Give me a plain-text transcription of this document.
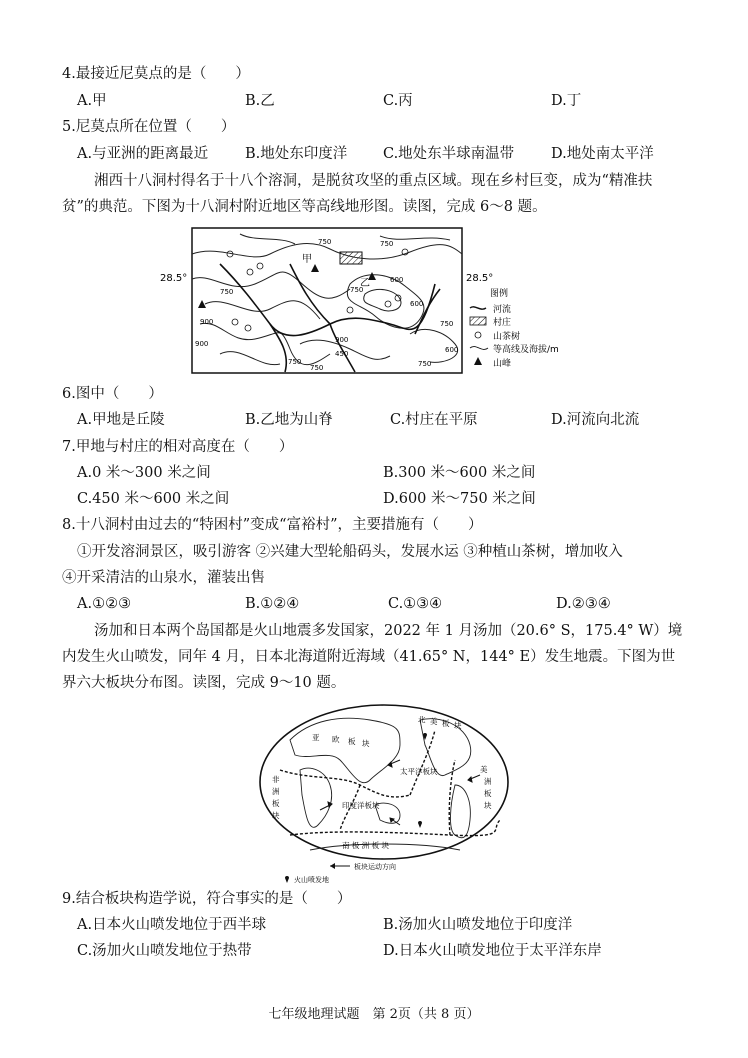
4.最接近尼莫点的是（　　）
A.甲	B.乙	C.丙	D.丁
5.尼莫点所在位置（　　）
A.与亚洲的距离最近	B.地处东印度洋 C.地处东半球南温带	D.地处南太平洋
湘西十八洞村得名于十八个溶洞，是脱贫攻坚的重点区域。现在乡村巨变，成为“精准扶
贫”的典范。下图为十八洞村附近地区等高线地形图。读图，完成 6～8 题。
28.5°	28.5°
甲
乙
750	750
900
600
750
900
750
600
900
450
750
750
750	750
600
图例
河流
村庄
山茶树
等高线及海拔/m
山峰
6.图中（　　）
A.甲地是丘陵	B.乙地为山脊	C.村庄在平原	D.河流向北流
7.甲地与村庄的相对高度在（　　）
A.0 米～300 米之间	B.300 米～600 米之间
C.450 米～600 米之间	D.600 米～750 米之间
8.十八洞村由过去的“特困村”变成“富裕村”，主要措施有（　　）
①开发溶洞景区，吸引游客 ②兴建大型轮船码头，发展水运 ③种植山茶树，增加收入
④开采清洁的山泉水，灌装出售
A.①②③	B.①②④	C.①③④	D.②③④
汤加和日本两个岛国都是火山地震多发国家，2022 年 1 月汤加（20.6° S，175.4° W）境
内发生火山喷发，同年 4 月，日本北海道附近海域（41.65° N，144° E）发生地震。下图为世
界六大板块分布图。读图，完成 9～10 题。
亚 欧 板 块
非
洲
板
块
印度洋板块
太平洋板块
北 美 板 块
美
洲
板
块
南 极 洲 板 块
板块运动方向
火山喷发地
9.结合板块构造学说，符合事实的是（　　）
A.日本火山喷发地位于西半球	B.汤加火山喷发地位于印度洋
C.汤加火山喷发地位于热带	D.日本火山喷发地位于太平洋东岸
七年级地理试题　第 2页（共 8 页）
